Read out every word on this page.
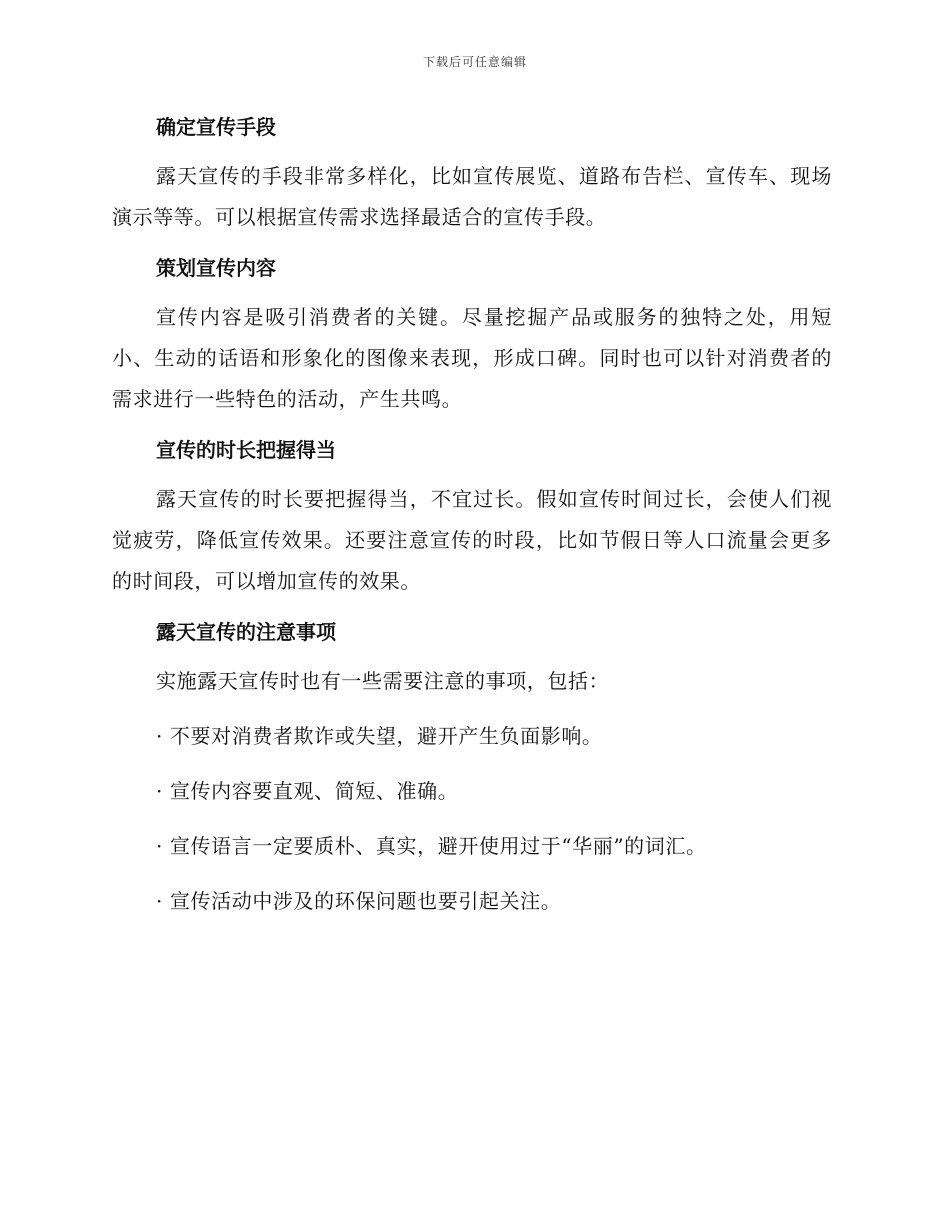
下载后可任意编辑
确定宣传手段

露天宣传的手段非常多样化，比如宣传展览、道路布告栏、宣传车、现场演示等等。可以根据宣传需求选择最适合的宣传手段。

策划宣传内容

宣传内容是吸引消费者的关键。尽量挖掘产品或服务的独特之处，用短小、生动的话语和形象化的图像来表现，形成口碑。同时也可以针对消费者的需求进行一些特色的活动，产生共鸣。

宣传的时长把握得当

露天宣传的时长要把握得当，不宜过长。假如宣传时间过长，会使人们视觉疲劳，降低宣传效果。还要注意宣传的时段，比如节假日等人口流量会更多的时间段，可以增加宣传的效果。

露天宣传的注意事项

实施露天宣传时也有一些需要注意的事项，包括：

· 不要对消费者欺诈或失望，避开产生负面影响。

· 宣传内容要直观、简短、准确。

· 宣传语言一定要质朴、真实，避开使用过于“华丽”的词汇。

· 宣传活动中涉及的环保问题也要引起关注。
